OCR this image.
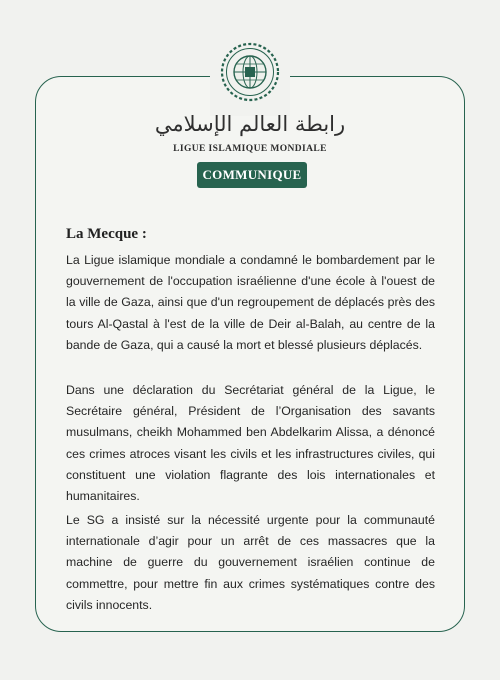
رابطة العالم الإسلامي
LIGUE ISLAMIQUE MONDIALE
COMMUNIQUE
La Mecque :

La Ligue islamique mondiale a condamné le bombardement par le gouvernement de l'occupation israélienne d'une école à l'ouest de la ville de Gaza, ainsi que d'un regroupement de déplacés près des tours Al-Qastal à l'est de la ville de Deir al-Balah, au centre de la bande de Gaza, qui a causé la mort et blessé plusieurs déplacés.

Dans une déclaration du Secrétariat général de la Ligue, le Secrétaire général, Président de l’Organisation des savants musulmans, cheikh Mohammed ben Abdelkarim Alissa, a dénoncé ces crimes atroces visant les civils et les infrastructures civiles, qui constituent une violation flagrante des lois internationales et humanitaires.

Le SG a insisté sur la nécessité urgente pour la communauté internationale d’agir pour un arrêt de ces massacres que la machine de guerre du gouvernement israélien continue de commettre, pour mettre fin aux crimes systématiques contre des civils innocents.
